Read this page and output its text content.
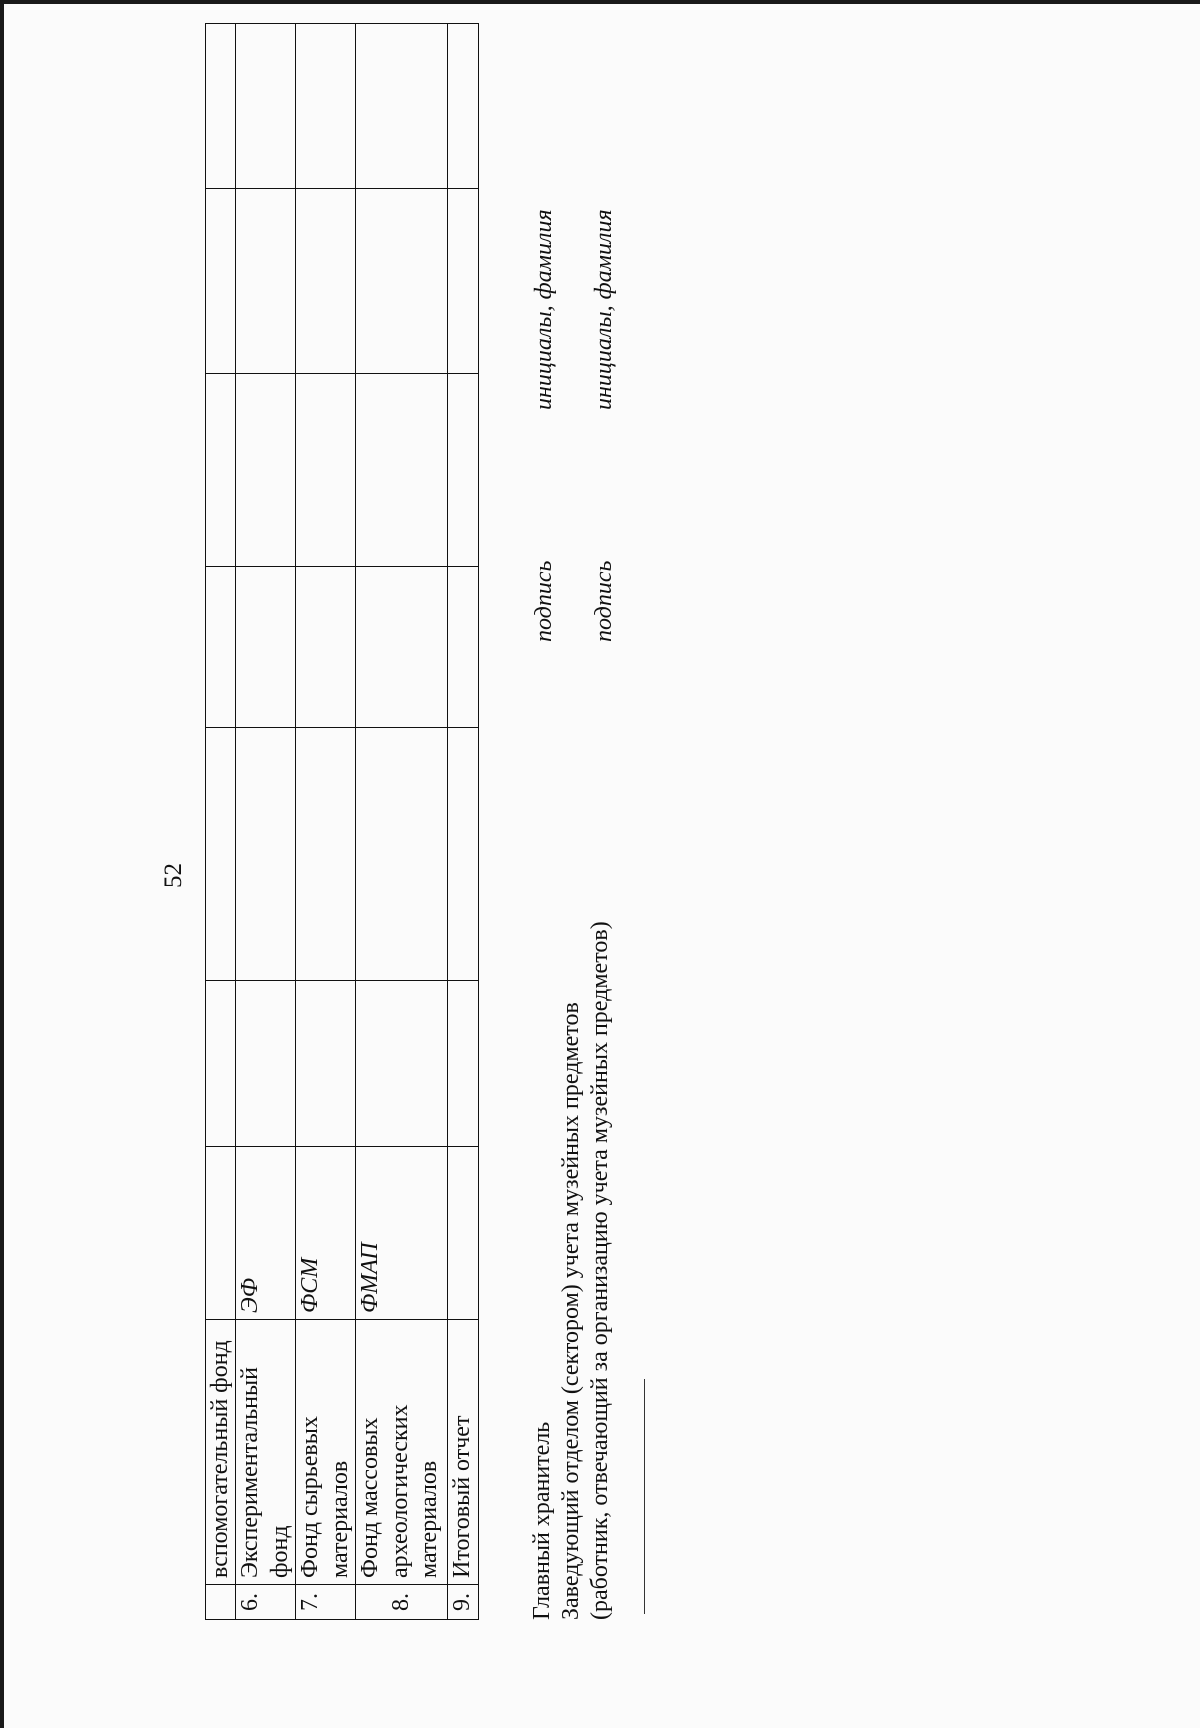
52
	вспомогательный фонд							
6.	Экспериментальный фонд	ЭФ						
7.	Фонд сырьевых материалов	ФСМ						
8.	Фонд массовых археологических материалов	ФМАП						
9.	Итоговый отчет							Главный хранитель Заведующий отделом (сектором) учета музейных предметов (работник, отвечающий за организацию учета музейных предметов)
подпись
инициалы, фамилия
подпись
инициалы, фамилия
